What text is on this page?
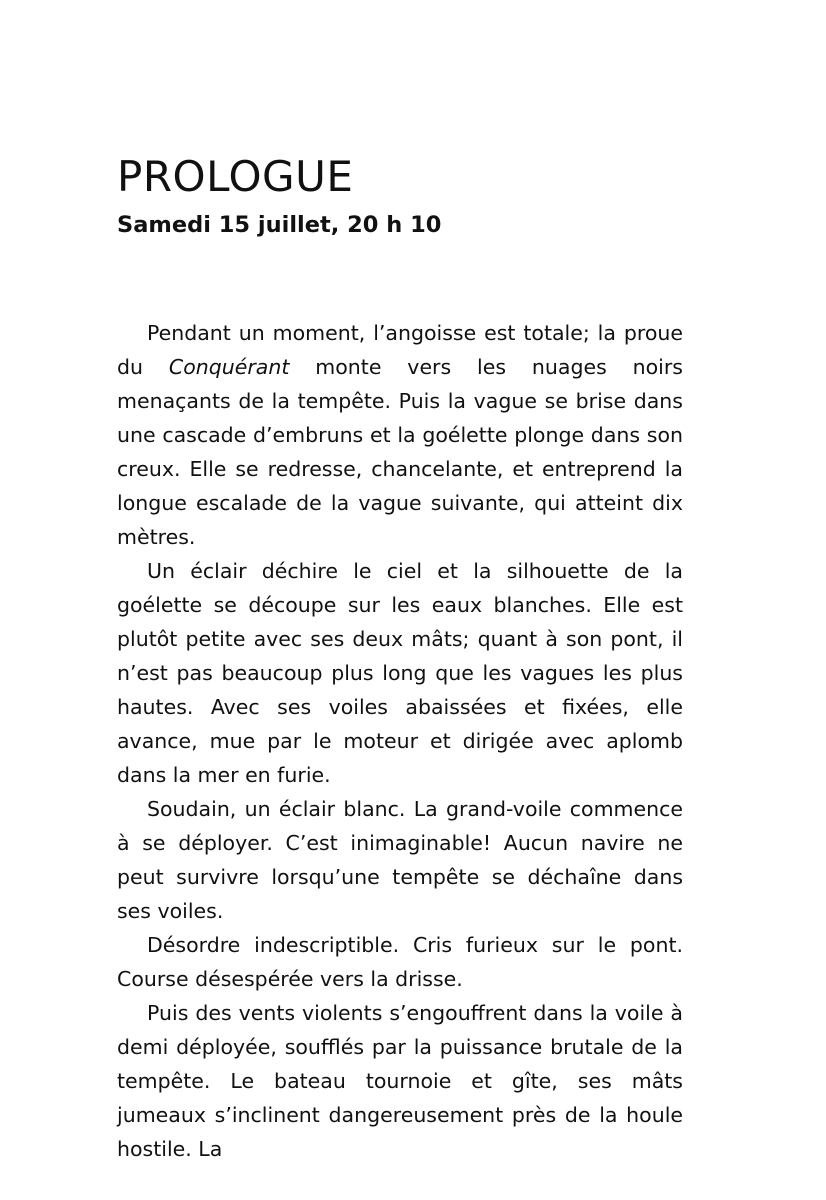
PROLOGUE
Samedi 15 juillet, 20 h 10

Pendant un moment, l’angoisse est totale; la proue du Conquérant monte vers les nuages noirs menaçants de la tempête. Puis la vague se brise dans une cascade d’embruns et la goélette plonge dans son creux. Elle se redresse, chancelante, et entreprend la longue escalade de la vague suivante, qui atteint dix mètres.

Un éclair déchire le ciel et la silhouette de la goélette se découpe sur les eaux blanches. Elle est plutôt petite avec ses deux mâts; quant à son pont, il n’est pas beaucoup plus long que les vagues les plus hautes. Avec ses voiles abaissées et fixées, elle avance, mue par le moteur et dirigée avec aplomb dans la mer en furie.

Soudain, un éclair blanc. La grand-voile commence à se déployer. C’est inimaginable! Aucun navire ne peut survivre lorsqu’une tempête se déchaîne dans ses voiles.

Désordre indescriptible. Cris furieux sur le pont. Course désespérée vers la drisse.

Puis des vents violents s’engouffrent dans la voile à demi déployée, soufflés par la puissance brutale de la tempête. Le bateau tournoie et gîte, ses mâts jumeaux s’inclinent dangereusement près de la houle hostile. La
